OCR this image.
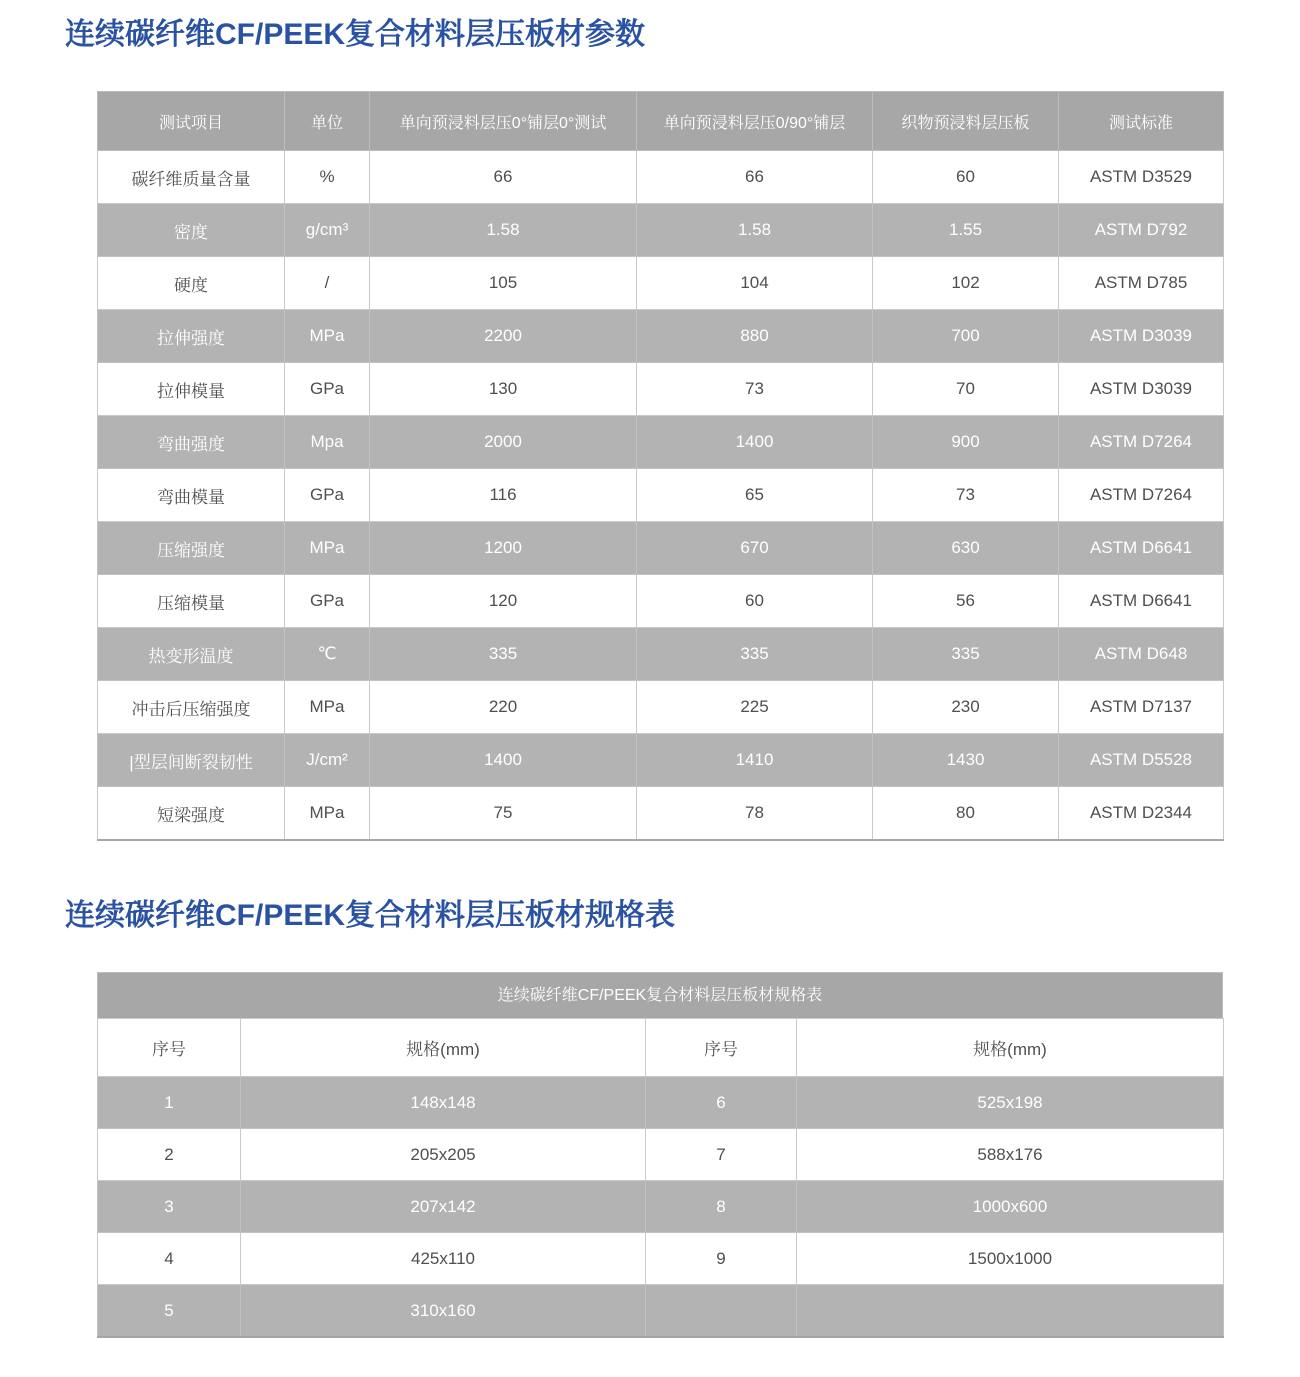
连续碳纤维CF/PEEK复合材料层压板材参数
测试项目	单位	单向预浸料层压0°铺层0°测试	单向预浸料层压0/90°铺层	织物预浸料层压板	测试标准
碳纤维质量含量	%	66	66	60	ASTM D3529
密度	g/cm³	1.58	1.58	1.55	ASTM D792
硬度	/	105	104	102	ASTM D785
拉伸强度	MPa	2200	880	700	ASTM D3039
拉伸模量	GPa	130	73	70	ASTM D3039
弯曲强度	Mpa	2000	1400	900	ASTM D7264
弯曲模量	GPa	116	65	73	ASTM D7264
压缩强度	MPa	1200	670	630	ASTM D6641
压缩模量	GPa	120	60	56	ASTM D6641
热变形温度	℃	335	335	335	ASTM D648
冲击后压缩强度	MPa	220	225	230	ASTM D7137
|型层间断裂韧性	J/cm²	1400	1410	1430	ASTM D5528
短梁强度	MPa	75	78	80	ASTM D2344
连续碳纤维CF/PEEK复合材料层压板材规格表
连续碳纤维CF/PEEK复合材料层压板材规格表
序号	规格(mm)	序号	规格(mm)
1	148x148	6	525x198
2	205x205	7	588x176
3	207x142	8	1000x600
4	425x110	9	1500x1000
5	310x160		
